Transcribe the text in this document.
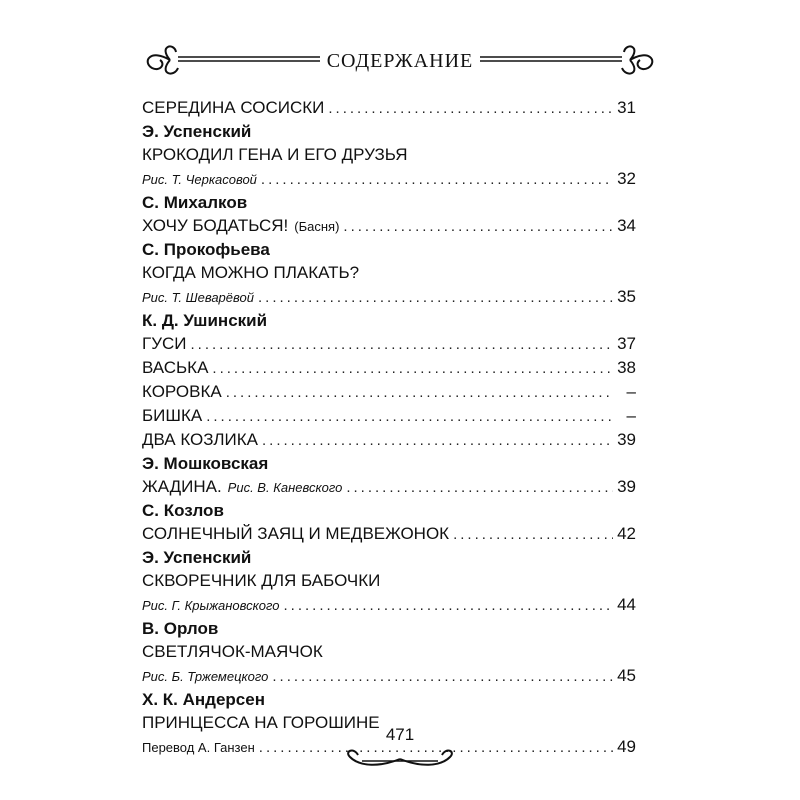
СОДЕРЖАНИЕ
СЕРЕДИНА СОСИСКИ .....	31
Э. Успенский
КРОКОДИЛ ГЕНА И ЕГО ДРУЗЬЯ
Рис. Т. Черкасовой .....	32
С. Михалков
ХОЧУ БОДАТЬСЯ! (Басня) .....	34
С. Прокофьева
КОГДА МОЖНО ПЛАКАТЬ?
Рис. Т. Шеварёвой .....	35
К. Д. Ушинский
ГУСИ .....	37
ВАСЬКА .....	38
КОРОВКА .....	–
БИШКА .....	–
ДВА КОЗЛИКА .....	39
Э. Мошковская
ЖАДИНА. Рис. В. Каневского .....	39
С. Козлов
СОЛНЕЧНЫЙ ЗАЯЦ И МЕДВЕЖОНОК .....	42
Э. Успенский
СКВОРЕЧНИК ДЛЯ БАБОЧКИ
Рис. Г. Крыжановского .....	44
В. Орлов
СВЕТЛЯЧОК-МАЯЧОК
Рис. Б. Тржемецкого .....	45
Х. К. Андерсен
ПРИНЦЕССА НА ГОРОШИНЕ
Перевод А. Ганзен .....	49
471
